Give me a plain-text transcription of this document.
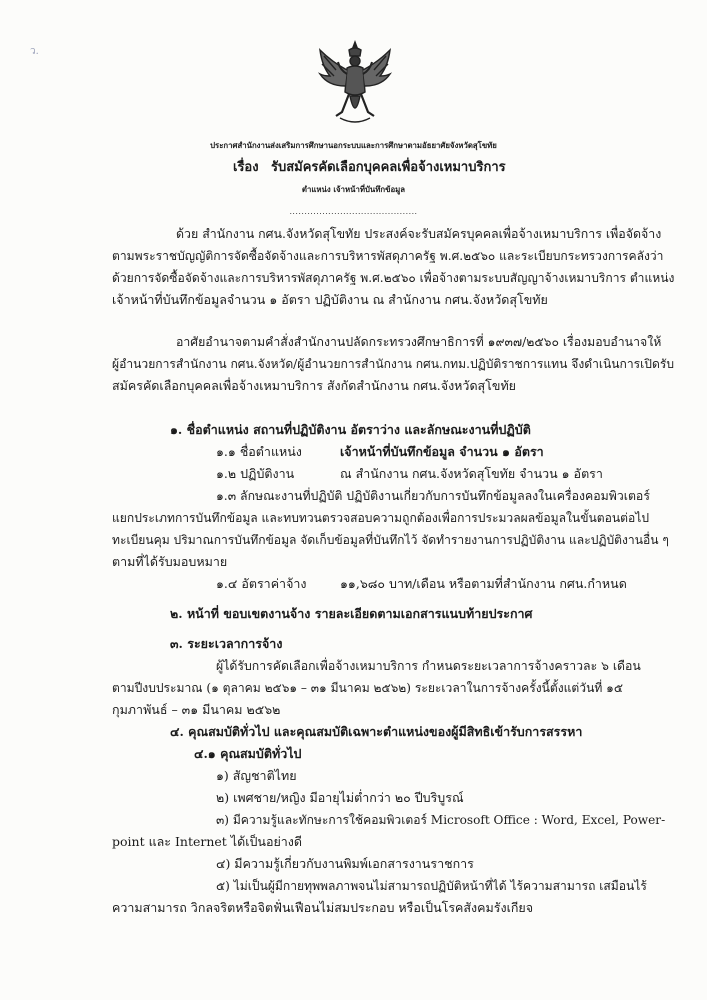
ว.
ประกาศสำนักงานส่งเสริมการศึกษานอกระบบและการศึกษาตามอัธยาศัยจังหวัดสุโขทัย
เรื่อง รับสมัครคัดเลือกบุคคลเพื่อจ้างเหมาบริการ
ตำแหน่ง เจ้าหน้าที่บันทึกข้อมูล
...........................................
ด้วย สำนักงาน กศน.จังหวัดสุโขทัย ประสงค์จะรับสมัครบุคคลเพื่อจ้างเหมาบริการ เพื่อจัดจ้าง
ตามพระราชบัญญัติการจัดซื้อจัดจ้างและการบริหารพัสดุภาครัฐ พ.ศ.๒๕๖๐ และระเบียบกระทรวงการคลังว่า
ด้วยการจัดซื้อจัดจ้างและการบริหารพัสดุภาครัฐ พ.ศ.๒๕๖๐ เพื่อจ้างตามระบบสัญญาจ้างเหมาบริการ ตำแหน่ง
เจ้าหน้าที่บันทึกข้อมูลจำนวน ๑ อัตรา ปฏิบัติงาน ณ สำนักงาน กศน.จังหวัดสุโขทัย
อาศัยอำนาจตามคำสั่งสำนักงานปลัดกระทรวงศึกษาธิการที่ ๑๙๓๗/๒๕๖๐ เรื่องมอบอำนาจให้
ผู้อำนวยการสำนักงาน กศน.จังหวัด/ผู้อำนวยการสำนักงาน กศน.กทม.ปฏิบัติราชการแทน จึงดำเนินการเปิดรับ
สมัครคัดเลือกบุคคลเพื่อจ้างเหมาบริการ สังกัดสำนักงาน กศน.จังหวัดสุโขทัย
๑. ชื่อตำแหน่ง สถานที่ปฏิบัติงาน อัตราว่าง และลักษณะงานที่ปฏิบัติ
๑.๑ ชื่อตำแหน่ง	เจ้าหน้าที่บันทึกข้อมูล จำนวน ๑ อัตรา
๑.๒ ปฏิบัติงาน	ณ สำนักงาน กศน.จังหวัดสุโขทัย จำนวน ๑ อัตรา
๑.๓ ลักษณะงานที่ปฏิบัติ ปฏิบัติงานเกี่ยวกับการบันทึกข้อมูลลงในเครื่องคอมพิวเตอร์
แยกประเภทการบันทึกข้อมูล และทบทวนตรวจสอบความถูกต้องเพื่อการประมวลผลข้อมูลในขั้นตอนต่อไป
ทะเบียนคุม ปริมาณการบันทึกข้อมูล จัดเก็บข้อมูลที่บันทึกไว้ จัดทำรายงานการปฏิบัติงาน และปฏิบัติงานอื่น ๆ
ตามที่ได้รับมอบหมาย
๑.๔ อัตราค่าจ้าง	๑๑,๖๘๐ บาท/เดือน หรือตามที่สำนักงาน กศน.กำหนด
๒. หน้าที่ ขอบเขตงานจ้าง รายละเอียดตามเอกสารแนบท้ายประกาศ
๓. ระยะเวลาการจ้าง
ผู้ได้รับการคัดเลือกเพื่อจ้างเหมาบริการ กำหนดระยะเวลาการจ้างคราวละ ๖ เดือน
ตามปีงบประมาณ (๑ ตุลาคม ๒๕๖๑ – ๓๑ มีนาคม ๒๕๖๒) ระยะเวลาในการจ้างครั้งนี้ตั้งแต่วันที่ ๑๕
กุมภาพันธ์ – ๓๑ มีนาคม ๒๕๖๒
๔. คุณสมบัติทั่วไป และคุณสมบัติเฉพาะตำแหน่งของผู้มีสิทธิเข้ารับการสรรหา
๔.๑ คุณสมบัติทั่วไป
๑) สัญชาติไทย
๒) เพศชาย/หญิง มีอายุไม่ต่ำกว่า ๒๐ ปีบริบูรณ์
๓) มีความรู้และทักษะการใช้คอมพิวเตอร์ Microsoft Office : Word, Excel, Power-
point และ Internet ได้เป็นอย่างดี
๔) มีความรู้เกี่ยวกับงานพิมพ์เอกสารงานราชการ
๕) ไม่เป็นผู้มีกายทุพพลภาพจนไม่สามารถปฏิบัติหน้าที่ได้ ไร้ความสามารถ เสมือนไร้
ความสามารถ วิกลจริตหรือจิตฟั่นเฟือนไม่สมประกอบ หรือเป็นโรคสังคมรังเกียจ
